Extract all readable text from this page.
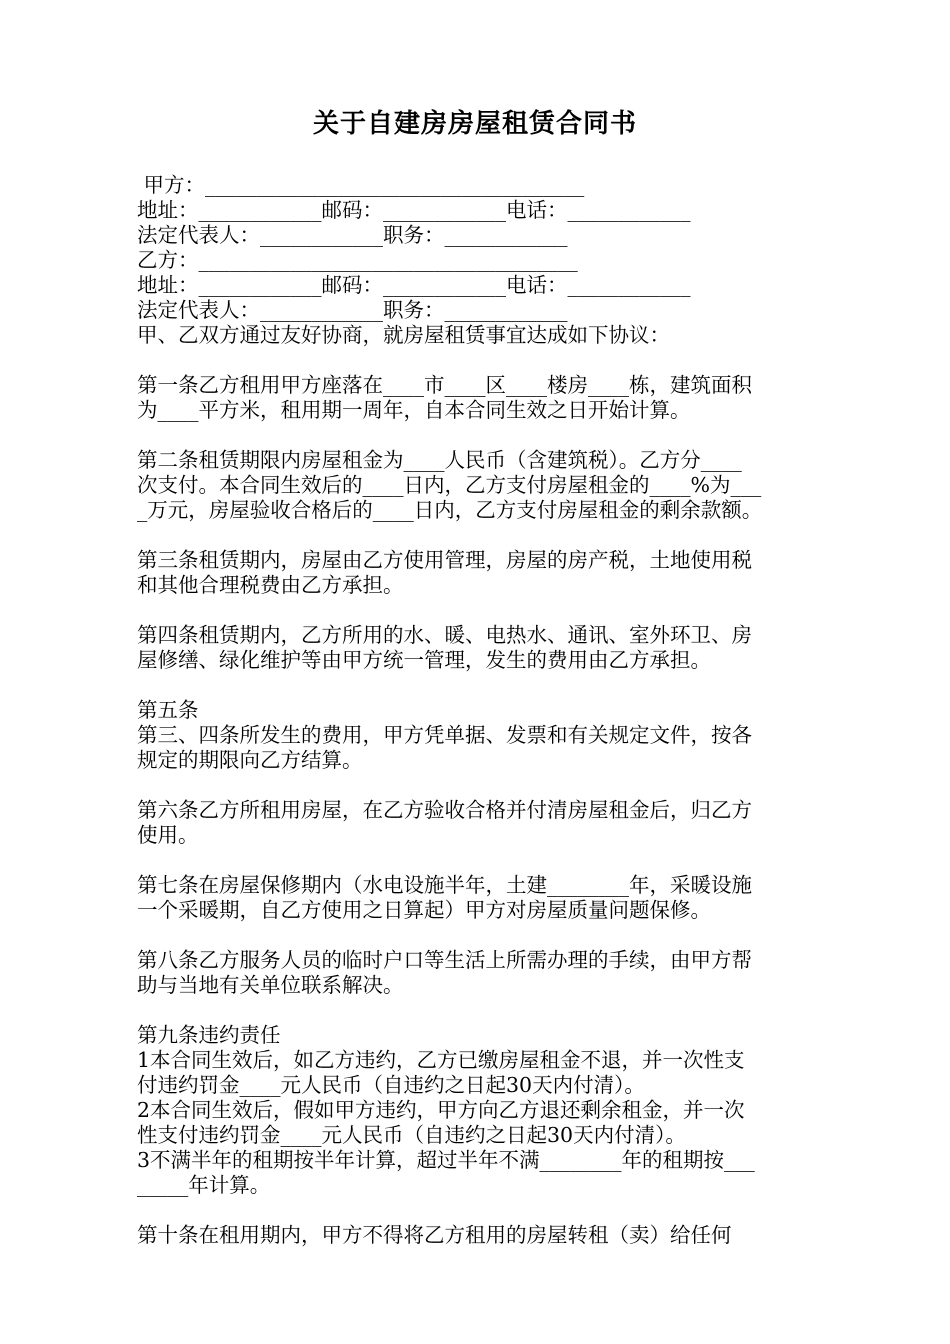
关于自建房房屋租赁合同书
甲方：_____________________________________
地址：____________邮码：____________电话：____________
法定代表人：____________职务：____________
乙方：_____________________________________
地址：____________邮码：____________电话：____________
法定代表人：____________职务：____________
甲、乙双方通过友好协商，就房屋租赁事宜达成如下协议：
第一条乙方租用甲方座落在____市____区____楼房____栋，建筑面积
为____平方米，租用期一周年，自本合同生效之日开始计算。
第二条租赁期限内房屋租金为____人民币（含建筑税）。乙方分____
次支付。本合同生效后的____日内，乙方支付房屋租金的____%为___
_万元，房屋验收合格后的____日内，乙方支付房屋租金的剩余款额。
第三条租赁期内，房屋由乙方使用管理，房屋的房产税，土地使用税
和其他合理税费由乙方承担。
第四条租赁期内，乙方所用的水、暖、电热水、通讯、室外环卫、房
屋修缮、绿化维护等由甲方统一管理，发生的费用由乙方承担。
第五条
第三、四条所发生的费用，甲方凭单据、发票和有关规定文件，按各
规定的期限向乙方结算。
第六条乙方所租用房屋，在乙方验收合格并付清房屋租金后，归乙方
使用。
第七条在房屋保修期内（水电设施半年，土建________年，采暖设施
一个采暖期，自乙方使用之日算起）甲方对房屋质量问题保修。
第八条乙方服务人员的临时户口等生活上所需办理的手续，由甲方帮
助与当地有关单位联系解决。
第九条违约责任
1本合同生效后，如乙方违约，乙方已缴房屋租金不退，并一次性支
付违约罚金____元人民币（自违约之日起30天内付清）。
2本合同生效后，假如甲方违约，甲方向乙方退还剩余租金，并一次
性支付违约罚金____元人民币（自违约之日起30天内付清）。
3不满半年的租期按半年计算，超过半年不满________年的租期按___
_____年计算。
第十条在租用期内，甲方不得将乙方租用的房屋转租（卖）给任何
